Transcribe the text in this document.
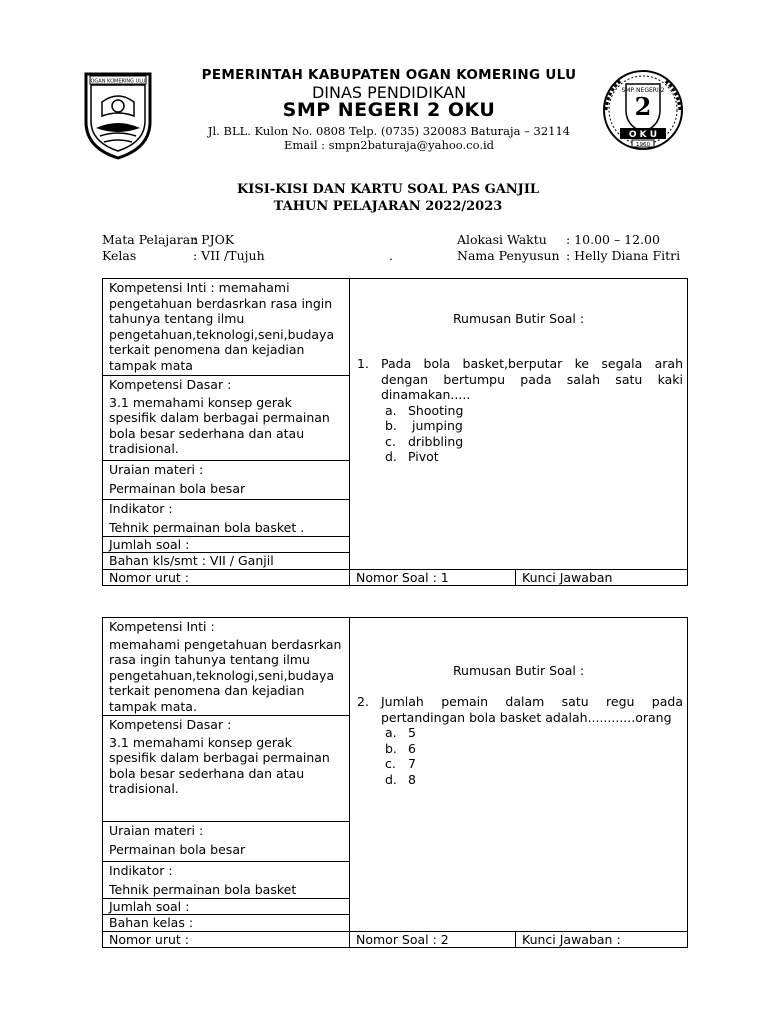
OGAN KOMERING ULU
2
SMP NEGERI 2
O K U
1960
PEMERINTAH KABUPATEN OGAN KOMERING ULU
DINAS PENDIDIKAN
SMP NEGERI 2 OKU
Jl. BLL. Kulon No. 0808 Telp. (0735) 320083 Baturaja – 32114
Email : smpn2baturaja@yahoo.co.id
KISI-KISI DAN KARTU SOAL PAS GANJIL
TAHUN PELAJARAN 2022/2023
Mata Pelajaran
: PJOK
Kelas	: VII /Tujuh	.
Alokasi Waktu : 10.00 – 12.00
Nama Penyusun : Helly Diana Fitri
Kompetensi Inti : memahami pengetahuan berdasrkan rasa ingin tahunya tentang ilmu pengetahuan,teknologi,seni,budaya terkait penomena dan kejadian tampak mata
Kompetensi Dasar :
3.1 memahami konsep gerak spesifik dalam berbagai permainan bola besar sederhana dan atau tradisional.
Uraian materi :
Permainan bola besar
Indikator :
Tehnik permainan bola basket .
Jumlah soal :
Bahan kls/smt : VII / Ganjil
Rumusan Butir Soal :
1. Pada bola basket,berputar ke segala arah dengan bertumpu pada salah satu kaki dinamakan.....
a. Shooting
b. jumping
c. dribbling
d. Pivot
Nomor urut :	Nomor Soal : 1	Kunci Jawaban
Kompetensi Inti :
memahami pengetahuan berdasrkan rasa ingin tahunya tentang ilmu pengetahuan,teknologi,seni,budaya terkait penomena dan kejadian tampak mata.
Kompetensi Dasar :
3.1 memahami konsep gerak spesifik dalam berbagai permainan bola besar sederhana dan atau tradisional.
Uraian materi :
Permainan bola besar
Indikator :
Tehnik permainan bola basket
Jumlah soal :
Bahan kelas :
Rumusan Butir Soal :
2. Jumlah pemain dalam satu regu pada pertandingan bola basket adalah............orang
a. 5
b. 6
c. 7
d. 8
Nomor urut :	Nomor Soal : 2	Kunci Jawaban :
